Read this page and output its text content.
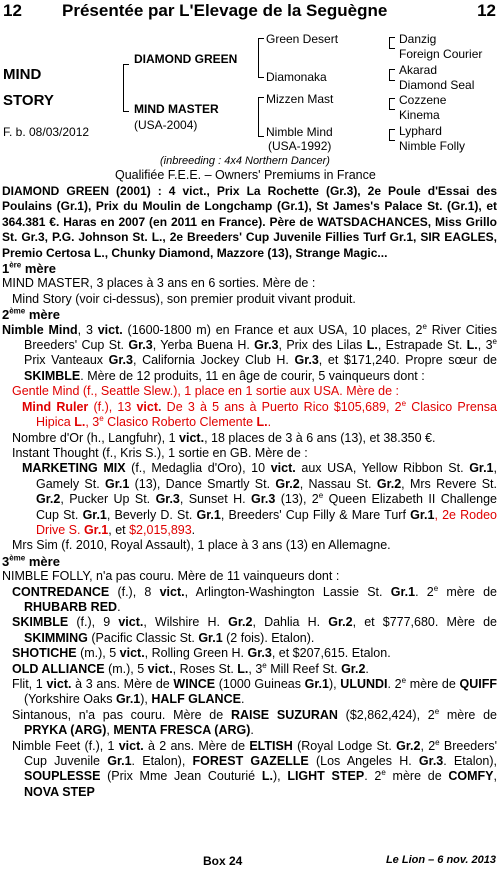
12 Présentée par L'Elevage de la Seguègne	12
MIND
STORY
F. b. 08/03/2012
DIAMOND GREEN
MIND MASTER
(USA-2004)
Green Desert
Diamonaka
Mizzen Mast
Nimble Mind
(USA-1992)
Danzig
Foreign Courier
Akarad
Diamond Seal
Cozzene
Kinema
Lyphard
Nimble Folly
(inbreeding : 4x4 Northern Dancer)
Qualifiée F.E.E. – Owners' Premiums in France

DIAMOND GREEN (2001) : 4 vict., Prix La Rochette (Gr.3), 2e Poule d'Essai des Poulains (Gr.1), Prix du Moulin de Longchamp (Gr.1), St James's Palace St. (Gr.1), et 364.381 €. Haras en 2007 (en 2011 en France). Père de WATSDACHANCES, Miss Grillo St. Gr.3, P.G. Johnson St. L., 2e Breeders' Cup Juvenile Fillies Turf Gr.1, SIR EAGLES, Premio Certosa L., Chunky Diamond, Mazzore (13), Strange Magic...

1ère mère

MIND MASTER, 3 places à 3 ans en 6 sorties. Mère de :

Mind Story (voir ci-dessus), son premier produit vivant produit.

2ème mère

Nimble Mind, 3 vict. (1600-1800 m) en France et aux USA, 10 places, 2e River Cities Breeders' Cup St. Gr.3, Yerba Buena H. Gr.3, Prix des Lilas L., Estrapade St. L., 3e Prix Vanteaux Gr.3, California Jockey Club H. Gr.3, et $171,240. Propre sœur de SKIMBLE. Mère de 12 produits, 11 en âge de courir, 5 vainqueurs dont :

Gentle Mind (f., Seattle Slew.), 1 place en 1 sortie aux USA. Mère de :

Mind Ruler (f.), 13 vict. De 3 à 5 ans à Puerto Rico $105,689, 2e Clasico Prensa Hipica L., 3e Clasico Roberto Clemente L..

Nombre d'Or (h., Langfuhr), 1 vict., 18 places de 3 à 6 ans (13), et 38.350 €.

Instant Thought (f., Kris S.), 1 sortie en GB. Mère de :

MARKETING MIX (f., Medaglia d'Oro), 10 vict. aux USA, Yellow Ribbon St. Gr.1, Gamely St. Gr.1 (13), Dance Smartly St. Gr.2, Nassau St. Gr.2, Mrs Revere St. Gr.2, Pucker Up St. Gr.3, Sunset H. Gr.3 (13), 2e Queen Elizabeth II Challenge Cup St. Gr.1, Beverly D. St. Gr.1, Breeders' Cup Filly & Mare Turf Gr.1, 2e Rodeo Drive S. Gr.1, et $2,015,893.

Mrs Sim (f. 2010, Royal Assault), 1 place à 3 ans (13) en Allemagne.

3ème mère

NIMBLE FOLLY, n'a pas couru. Mère de 11 vainqueurs dont :

CONTREDANCE (f.), 8 vict., Arlington-Washington Lassie St. Gr.1. 2e mère de RHUBARB RED.

SKIMBLE (f.), 9 vict., Wilshire H. Gr.2, Dahlia H. Gr.2, et $777,680. Mère de SKIMMING (Pacific Classic St. Gr.1 (2 fois). Etalon).

SHOTICHE (m.), 5 vict., Rolling Green H. Gr.3, et $207,615. Etalon.

OLD ALLIANCE (m.), 5 vict., Roses St. L., 3e Mill Reef St. Gr.2.

Flit, 1 vict. à 3 ans. Mère de WINCE (1000 Guineas Gr.1), ULUNDI. 2e mère de QUIFF (Yorkshire Oaks Gr.1), HALF GLANCE.

Sintanous, n'a pas couru. Mère de RAISE SUZURAN ($2,862,424), 2e mère de PRYKA (ARG), MENTA FRESCA (ARG).

Nimble Feet (f.), 1 vict. à 2 ans. Mère de ELTISH (Royal Lodge St. Gr.2, 2e Breeders' Cup Juvenile Gr.1. Etalon), FOREST GAZELLE (Los Angeles H. Gr.3. Etalon), SOUPLESSE (Prix Mme Jean Couturié L.), LIGHT STEP. 2e mère de COMFY, NOVA STEP

Box 24	Le Lion – 6 nov. 2013
